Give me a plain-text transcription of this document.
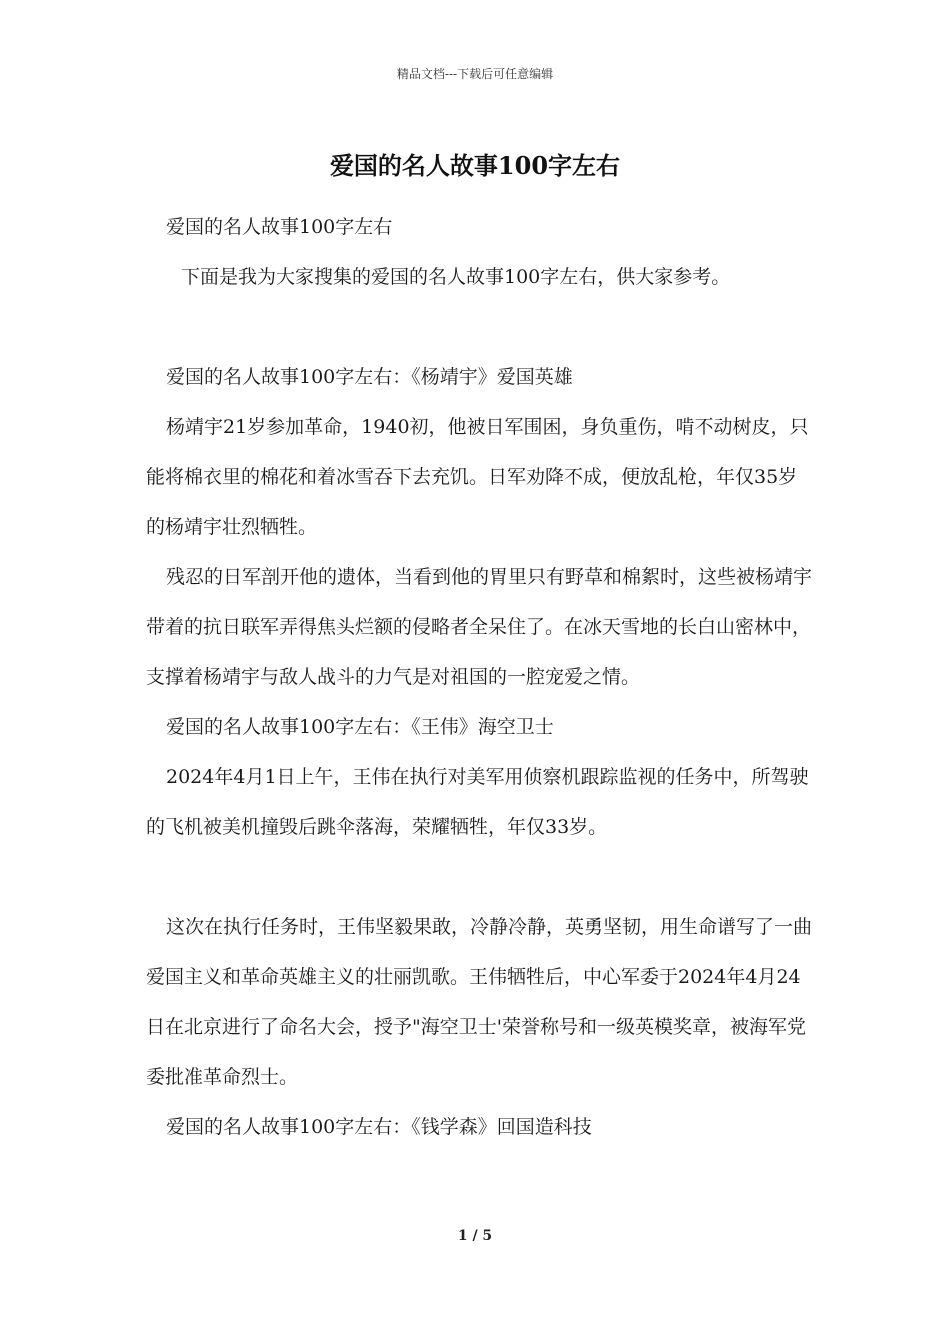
精品文档---下载后可任意编辑
爱国的名人故事100字左右

爱国的名人故事100字左右

下面是我为大家搜集的爱国的名人故事100字左右，供大家参考。

爱国的名人故事100字左右：《杨靖宇》爱国英雄

杨靖宇21岁参加革命，1940初，他被日军围困，身负重伤，啃不动树皮，只能将棉衣里的棉花和着冰雪吞下去充饥。日军劝降不成，便放乱枪，年仅35岁的杨靖宇壮烈牺牲。

残忍的日军剖开他的遗体，当看到他的胃里只有野草和棉絮时，这些被杨靖宇带着的抗日联军弄得焦头烂额的侵略者全呆住了。在冰天雪地的长白山密林中，支撑着杨靖宇与敌人战斗的力气是对祖国的一腔宠爱之情。

爱国的名人故事100字左右：《王伟》海空卫士

2024年4月1日上午，王伟在执行对美军用侦察机跟踪监视的任务中，所驾驶的飞机被美机撞毁后跳伞落海，荣耀牺牲，年仅33岁。

这次在执行任务时，王伟坚毅果敢，冷静冷静，英勇坚韧，用生命谱写了一曲爱国主义和革命英雄主义的壮丽凯歌。王伟牺牲后，中心军委于2024年4月24日在北京进行了命名大会，授予"海空卫士'荣誉称号和一级英模奖章，被海军党委批准革命烈士。

爱国的名人故事100字左右：《钱学森》回国造科技

1 / 5
